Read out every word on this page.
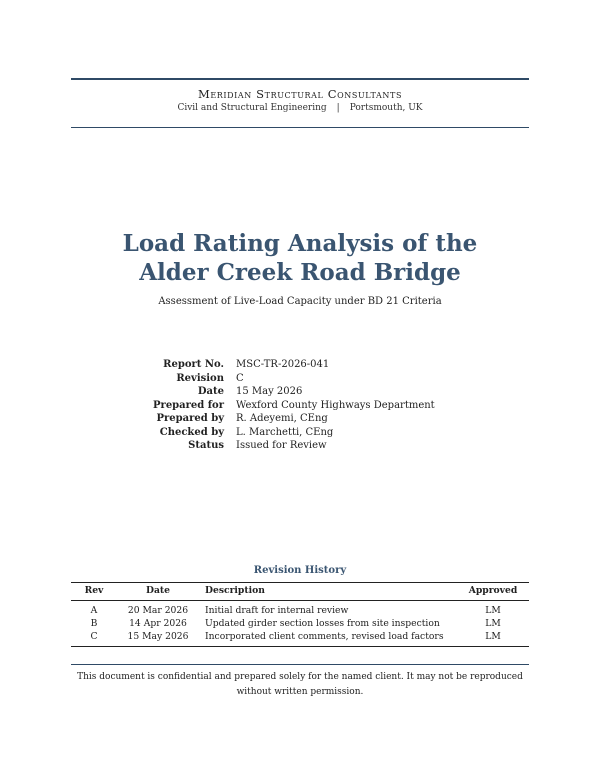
Meridian Structural Consultants
Civil and Structural Engineering | Portsmouth, UK
Load Rating Analysis of the
Alder Creek Road Bridge
Assessment of Live-Load Capacity under BD 21 Criteria
Report No.	MSC-TR-2026-041
Revision	C
Date	15 May 2026
Prepared for	Wexford County Highways Department
Prepared by	R. Adeyemi, CEng
Checked by	L. Marchetti, CEng
Status	Issued for Review
Revision History
Rev	Date	Description	Approved
A	20 Mar 2026	Initial draft for internal review	LM
B	14 Apr 2026	Updated girder section losses from site inspection	LM
C	15 May 2026	Incorporated client comments, revised load factors	LM
This document is confidential and prepared solely for the named client. It may not be reproduced without written permission.
